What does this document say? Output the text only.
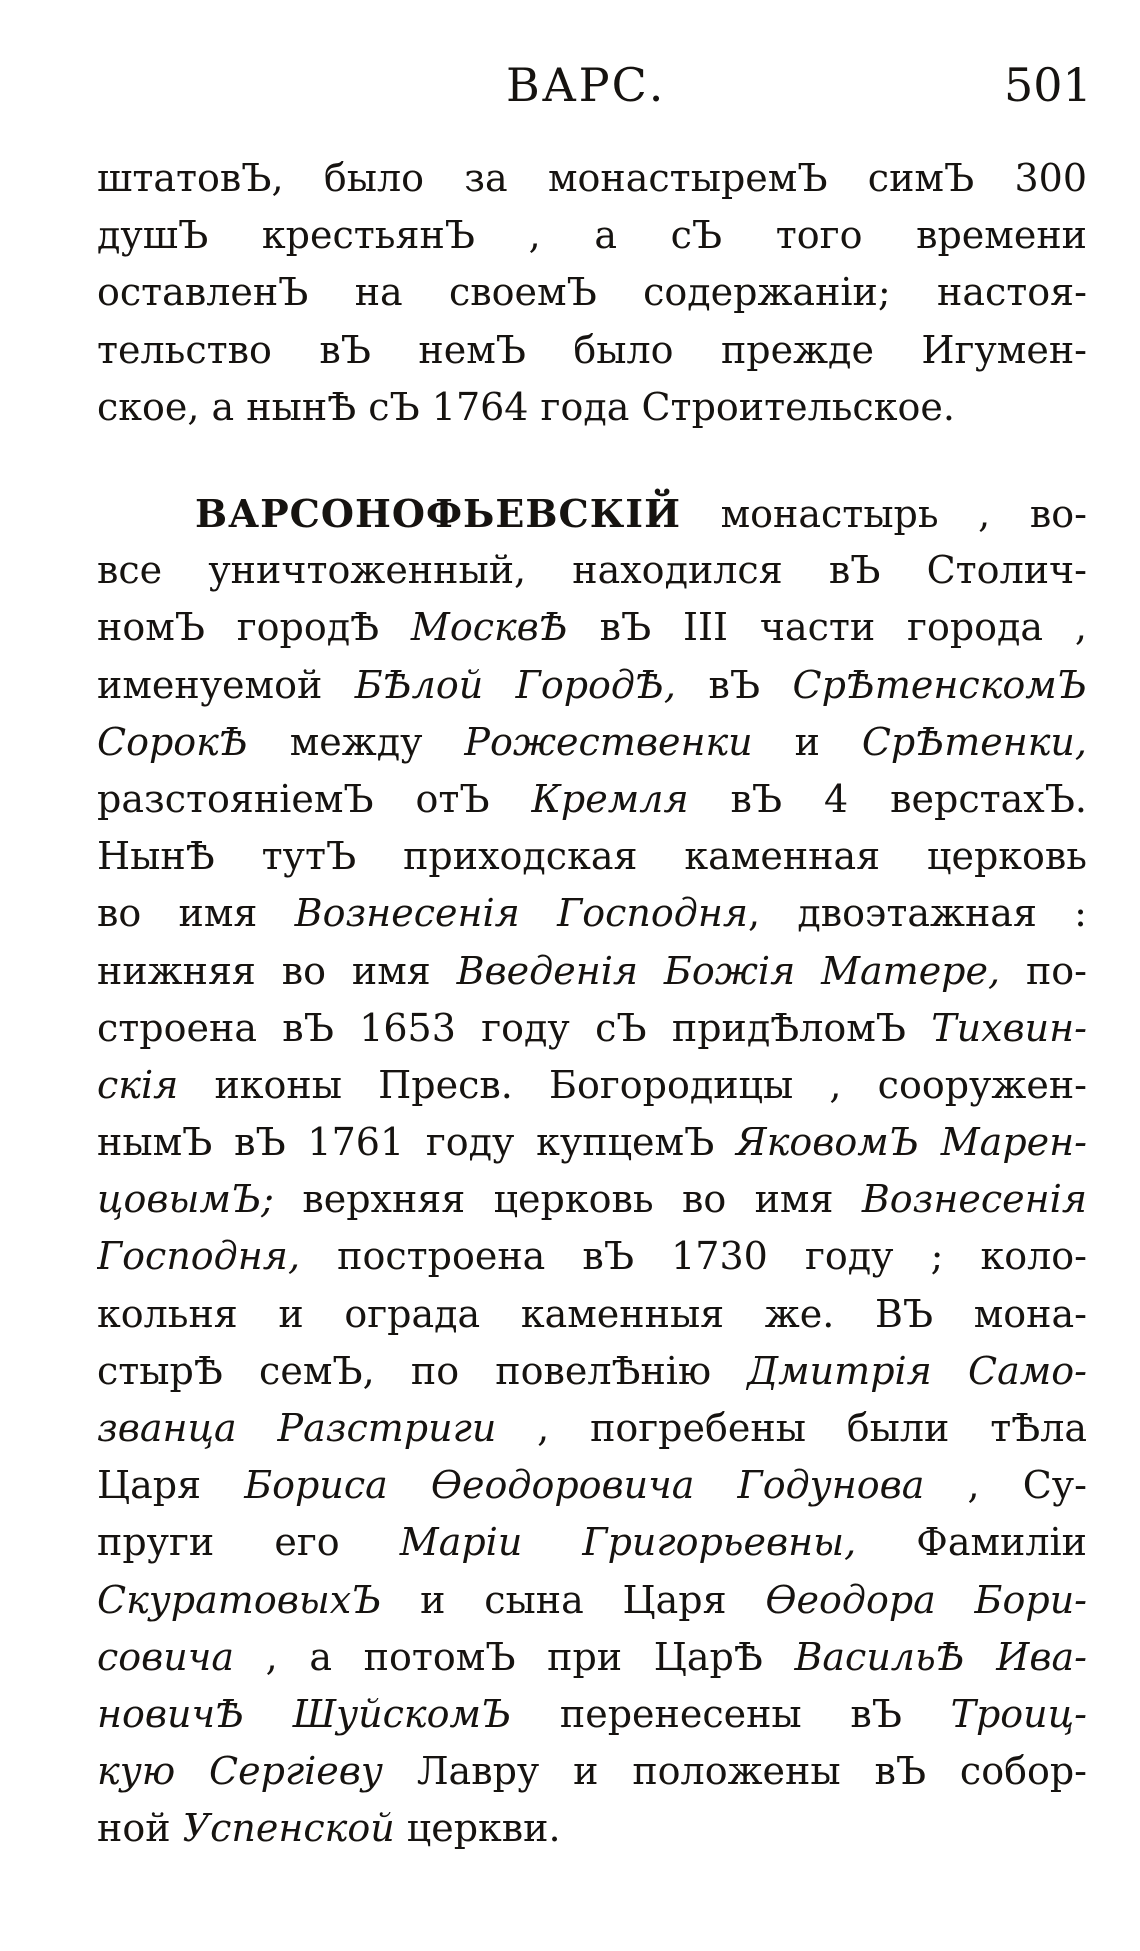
ВАРС.	501
штатовЪ, было за монастыремЪ симЪ 300
душЪ крестьянЪ , а сЪ того времени
оставленЪ на своемЪ содержанiи; настоя-
тельство вЪ немЪ было прежде Игумен-
ское, а нынѢ сЪ 1764 года Строительское.
ВАРСОНОФЬЕВСКIЙ монастырь , во-
все уничтоженный, находился вЪ Столич-
номЪ городѢ МосквѢ вЪ III части города ,
именуемой БѢлой ГородѢ, вЪ СрѢтенскомЪ
СорокѢ между Рожественки и СрѢтенки,
разстоянiемЪ отЪ Кремля вЪ 4 верстахЪ.
НынѢ тутЪ приходская каменная церковь
во имя Вознесенiя Господня, двоэтажная :
нижняя во имя Введенiя Божiя Матере, по-
строена вЪ 1653 году сЪ придѢломЪ Тихвин-
скiя иконы Пресв. Богородицы , сооружен-
нымЪ вЪ 1761 году купцемЪ ЯковомЪ Марен-
цовымЪ; верхняя церковь во имя Вознесенiя
Господня, построена вЪ 1730 году ; коло-
кольня и ограда каменныя же. ВЪ мона-
стырѢ семЪ, по повелѢнiю Дмитрiя Само-
званца Разстриги , погребены были тѢла
Царя Бориса Ѳеодоровича Годунова , Су-
пруги его Марiи Григорьевны, Фамилiи
СкуратовыхЪ и сына Царя Ѳеодора Бори-
совича , а потомЪ при ЦарѢ ВасильѢ Ива-
новичѢ ШуйскомЪ перенесены вЪ Троиц-
кую Сергiеву Лавру и положены вЪ собор-
ной Успенской церкви.
